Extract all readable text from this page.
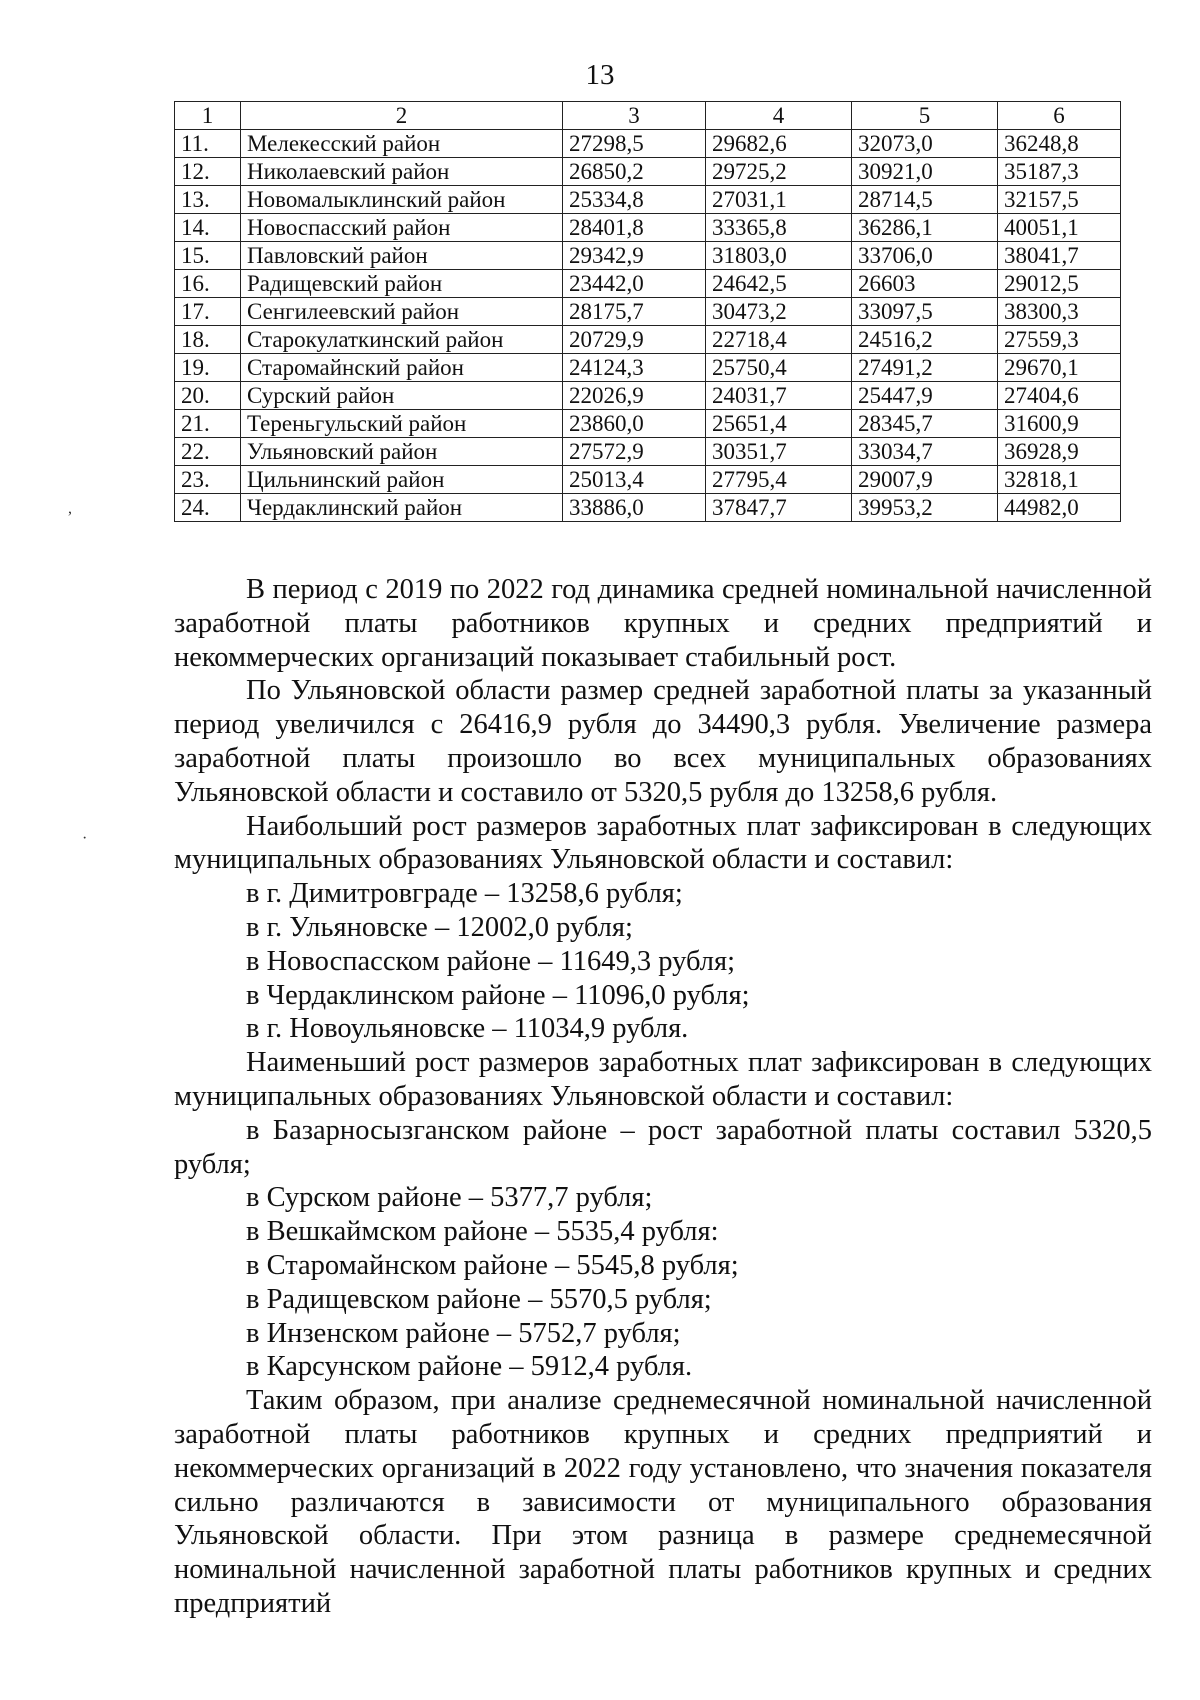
13
1	2	3	4	5	6
11.	Мелекесский район	27298,5	29682,6	32073,0	36248,8
12.	Николаевский район	26850,2	29725,2	30921,0	35187,3
13.	Новомалыклинский район	25334,8	27031,1	28714,5	32157,5
14.	Новоспасский район	28401,8	33365,8	36286,1	40051,1
15.	Павловский район	29342,9	31803,0	33706,0	38041,7
16.	Радищевский район	23442,0	24642,5	26603	29012,5
17.	Сенгилеевский район	28175,7	30473,2	33097,5	38300,3
18.	Старокулаткинский район	20729,9	22718,4	24516,2	27559,3
19.	Старомайнский район	24124,3	25750,4	27491,2	29670,1
20.	Сурский район	22026,9	24031,7	25447,9	27404,6
21.	Тереньгульский район	23860,0	25651,4	28345,7	31600,9
22.	Ульяновский район	27572,9	30351,7	33034,7	36928,9
23.	Цильнинский район	25013,4	27795,4	29007,9	32818,1
24.	Чердаклинский район	33886,0	37847,7	39953,2	44982,0
,
·

В период с 2019 по 2022 год динамика средней номинальной начисленной заработной платы работников крупных и средних предприятий и некоммерческих организаций показывает стабильный рост.

По Ульяновской области размер средней заработной платы за указанный период увеличился с 26416,9 рубля до 34490,3 рубля. Увеличение размера заработной платы произошло во всех муниципальных образованиях Ульяновской области и составило от 5320,5 рубля до 13258,6 рубля.

Наибольший рост размеров заработных плат зафиксирован в следующих муниципальных образованиях Ульяновской области и составил:

в г. Димитровграде – 13258,6 рубля;

в г. Ульяновске – 12002,0 рубля;

в Новоспасском районе – 11649,3 рубля;

в Чердаклинском районе – 11096,0 рубля;

в г. Новоульяновске – 11034,9 рубля.

Наименьший рост размеров заработных плат зафиксирован в следующих муниципальных образованиях Ульяновской области и составил:

в Базарносызганском районе – рост заработной платы составил 5320,5 рубля;

в Сурском районе – 5377,7 рубля;

в Вешкаймском районе – 5535,4 рубля:

в Старомайнском районе – 5545,8 рубля;

в Радищевском районе – 5570,5 рубля;

в Инзенском районе – 5752,7 рубля;

в Карсунском районе – 5912,4 рубля.

Таким образом, при анализе среднемесячной номинальной начисленной заработной платы работников крупных и средних предприятий и некоммерческих организаций в 2022 году установлено, что значения показателя сильно различаются в зависимости от муниципального образования Ульяновской области. При этом разница в размере среднемесячной номинальной начисленной заработной платы работников крупных и средних предприятий
